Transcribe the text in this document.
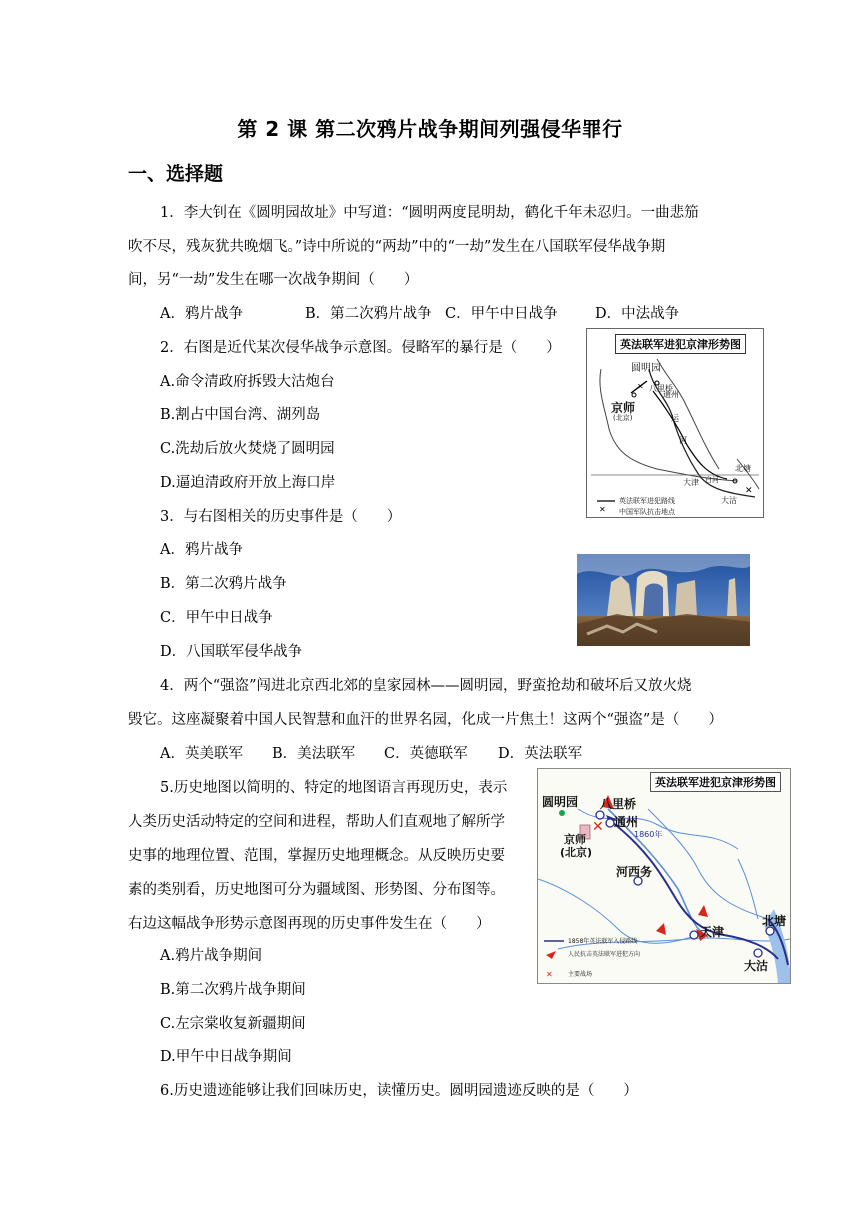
第 2 课 第二次鸦片战争期间列强侵华罪行
一、选择题
1．李大钊在《圆明园故址》中写道：“圆明两度昆明劫，鹤化千年未忍归。一曲悲笳
吹不尽，残灰犹共晚烟飞。”诗中所说的“两劫”中的“一劫”发生在八国联军侵华战争期
间，另“一劫”发生在哪一次战争期间（　　）
A．鸦片战争	B．第二次鸦片战争 C．甲午中日战争	D．中法战争
2．右图是近代某次侵华战争示意图。侵略军的暴行是（　　）
A.命令清政府拆毁大沽炮台
B.割占中国台湾、湖列岛
C.洗劫后放火焚烧了圆明园
D.逼迫清政府开放上海口岸
英法联军进犯京津形势图
✕
✕
✕
圆明园
八里桥
通州
京师
(北京)	运
河
北塘
大沽
大津 白河
英法联军进犯路线
中国军队抗击地点
3．与右图相关的历史事件是（　　）
A．鸦片战争
B．第二次鸦片战争
C．甲午中日战争
D．八国联军侵华战争
4．两个“强盗”闯进北京西北郊的皇家园林——圆明园，野蛮抢劫和破坏后又放火烧
毁它。这座凝聚着中国人民智慧和血汗的世界名园，化成一片焦土！这两个“强盗”是（　　）
A．英美联军 B．美法联军 C．英德联军 D．英法联军
5.历史地图以简明的、特定的地图语言再现历史，表示
人类历史活动特定的空间和进程，帮助人们直观地了解所学
史事的地理位置、范围，掌握历史地理概念。从反映历史要
素的类别看，历史地图可分为疆域图、形势图、分布图等。
右边这幅战争形势示意图再现的历史事件发生在（　　）
A.鸦片战争期间
B.第二次鸦片战争期间
C.左宗棠收复新疆期间
D.甲午中日战争期间
✕
✕
英法联军进犯京津形势图
圆明园 八里桥
通州
京师
(北京)
河西务
天津
北塘
大沽
1860年
1858年英法联军入侵路线
人民抗击英法联军进犯方向
主要战场
6.历史遗迹能够让我们回味历史，读懂历史。圆明园遗迹反映的是（　　）
